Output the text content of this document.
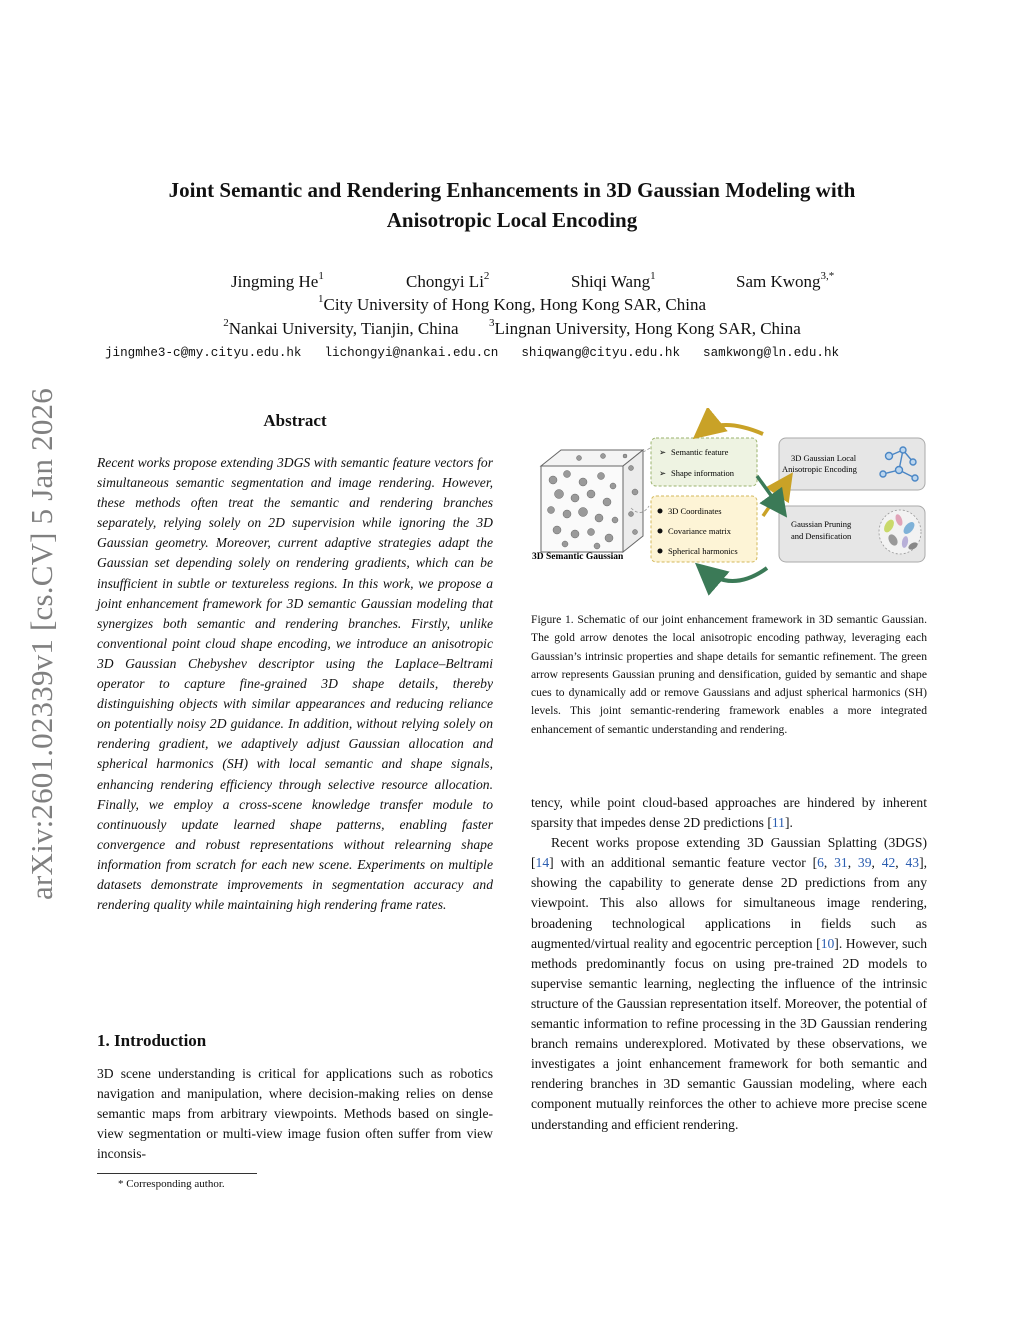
arXiv:2601.02339v1 [cs.CV] 5 Jan 2026
Joint Semantic and Rendering Enhancements in 3D Gaussian Modeling with
Anisotropic Local Encoding
Jingming He$^1$	Chongyi Li$^2$	Shiqi Wang$^1$	Sam Kwong$^{3,*}$
$^1$City University of Hong Kong, Hong Kong SAR, China
$^2$Nankai University, Tianjin, China	$^3$Lingnan University, Hong Kong SAR, China
jingmhe3-c@my.cityu.edu.hk lichongyi@nankai.edu.cn shiqwang@cityu.edu.hk samkwong@ln.edu.hk
Abstract
Recent works propose extending 3DGS with semantic feature vectors for simultaneous semantic segmentation and image rendering. However, these methods often treat the semantic and rendering branches separately, relying solely on 2D supervision while ignoring the 3D Gaussian geometry. Moreover, current adaptive strategies adapt the Gaussian set depending solely on rendering gradients, which can be insufficient in subtle or textureless regions. In this work, we propose a joint enhancement framework for 3D semantic Gaussian modeling that synergizes both semantic and rendering branches. Firstly, unlike conventional point cloud shape encoding, we introduce an anisotropic 3D Gaussian Chebyshev descriptor using the Laplace–Beltrami operator to capture fine-grained 3D shape details, thereby distinguishing objects with similar appearances and reducing reliance on potentially noisy 2D guidance. In addition, without relying solely on rendering gradient, we adaptively adjust Gaussian allocation and spherical harmonics (SH) with local semantic and shape signals, enhancing rendering efficiency through selective resource allocation. Finally, we employ a cross-scene knowledge transfer module to continuously update learned shape patterns, enabling faster convergence and robust representations without relearning shape information from scratch for each new scene. Experiments on multiple datasets demonstrate improvements in segmentation accuracy and rendering quality while maintaining high rendering frame rates.
1. Introduction
3D scene understanding is critical for applications such as robotics navigation and manipulation, where decision-making relies on dense semantic maps from arbitrary viewpoints. Methods based on single-view segmentation or multi-view image fusion often suffer from view inconsis-
* Corresponding author.
3D Semantic Gaussian
➢ Semantic feature
➢ Shape information
3D Coordinates
Covariance matrix
Spherical harmonics
3D Gaussian Local
Anisotropic Encoding
Gaussian Pruning
and Densification
Figure 1. Schematic of our joint enhancement framework in 3D semantic Gaussian. The gold arrow denotes the local anisotropic encoding pathway, leveraging each Gaussian’s intrinsic properties and shape details for semantic refinement. The green arrow represents Gaussian pruning and densification, guided by semantic and shape cues to dynamically add or remove Gaussians and adjust spherical harmonics (SH) levels. This joint semantic-rendering framework enables a more integrated enhancement of semantic understanding and rendering.

tency, while point cloud-based approaches are hindered by inherent sparsity that impedes dense 2D predictions [11].

Recent works propose extending 3D Gaussian Splatting (3DGS) [14] with an additional semantic feature vector [6, 31, 39, 42, 43], showing the capability to generate dense 2D predictions from any viewpoint. This also allows for simultaneous image rendering, broadening technological applications in fields such as augmented/virtual reality and egocentric perception [10]. However, such methods predominantly focus on using pre-trained 2D models to supervise semantic learning, neglecting the influence of the intrinsic structure of the Gaussian representation itself. Moreover, the potential of semantic information to refine processing in the 3D Gaussian rendering branch remains underexplored. Motivated by these observations, we investigates a joint enhancement framework for both semantic and rendering branches in 3D semantic Gaussian modeling, where each component mutually reinforces the other to achieve more precise scene understanding and efficient rendering.
